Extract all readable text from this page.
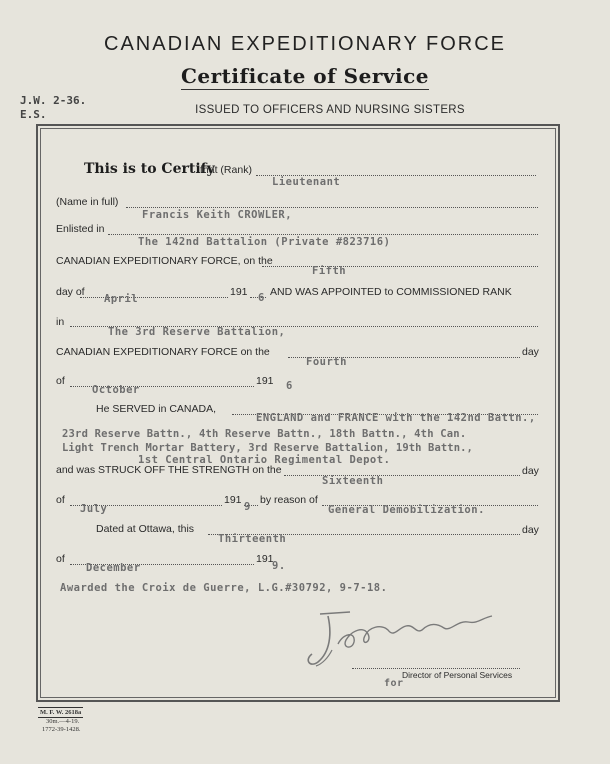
CANADIAN EXPEDITIONARY FORCE
Certificate of Service
J.W. 2-36.
E.S.	ISSUED TO OFFICERS AND NURSING SISTERS
This is to Certify
that (Rank)
Lieutenant
(Name in full)
Francis Keith CROWLER,
Enlisted in
The 142nd Battalion (Private #823716)
CANADIAN EXPEDITIONARY FORCE, on the
Fifth
day of	191 AND WAS APPOINTED to COMMISSIONED RANK
April	6
in
The 3rd Reserve Battalion,
CANADIAN EXPEDITIONARY FORCE on the	day
Fourth
of	191
October	6
He SERVED in CANADA,
ENGLAND and FRANCE with the 142nd Battn.,
23rd Reserve Battn., 4th Reserve Battn., 18th Battn., 4th Can.
Light Trench Mortar Battery, 3rd Reserve Battalion, 19th Battn.,
1st Central Ontario Regimental Depot.
and was STRUCK OFF THE STRENGTH on the	day
Sixteenth
of	191 by reason of
July	9	General Demobilization.
Dated at Ottawa, this	day
Thirteenth
of	191
December	9.
Awarded the Croix de Guerre, L.G.#30792, 9-7-18.
Director of Personal Services
for
M. F. W. 2618a
30m.—4-19.
1772-39-1428.
